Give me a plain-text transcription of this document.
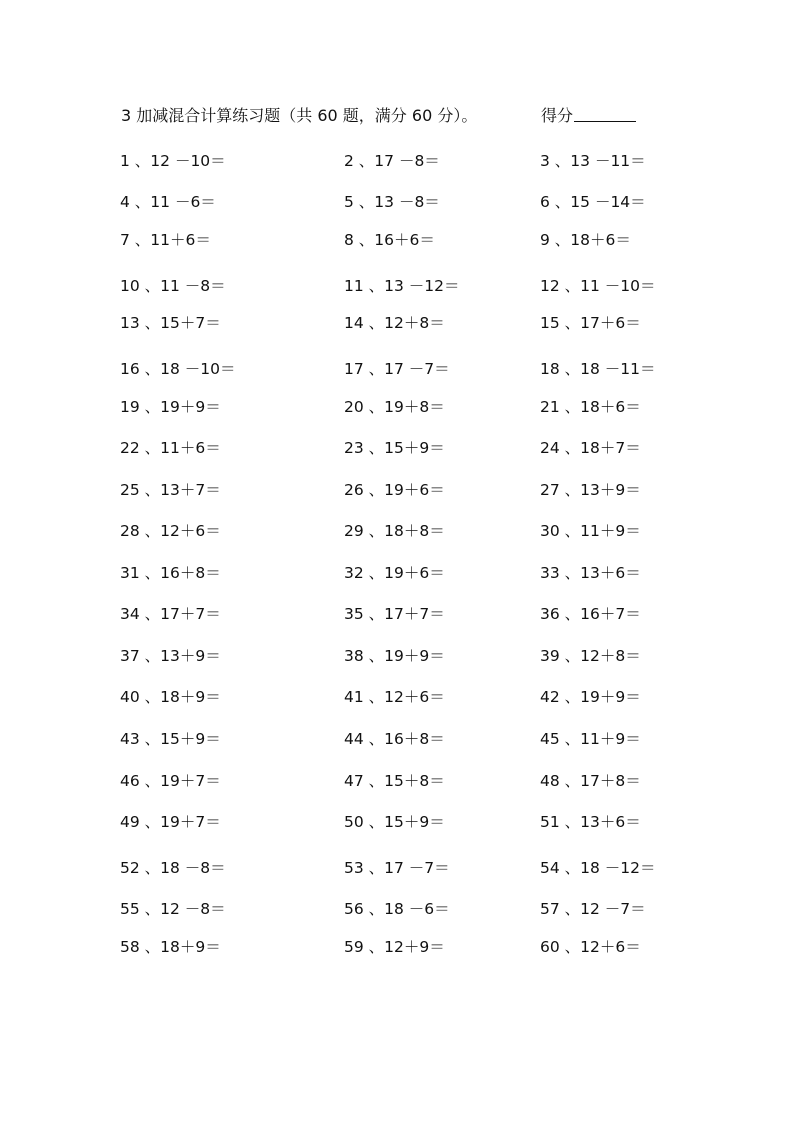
3 加减混合计算练习题（共 60 题，满分 60 分）。	得分
1 、12 －10＝	2 、17 －8＝	3 、13 －11＝
4 、11 －6＝	5 、13 －8＝	6 、15 －14＝
7 、11＋6＝	8 、16＋6＝	9 、18＋6＝
10 、11 －8＝	11 、13 －12＝	12 、11 －10＝
13 、15＋7＝	14 、12＋8＝	15 、17＋6＝
16 、18 －10＝	17 、17 －7＝	18 、18 －11＝
19 、19＋9＝	20 、19＋8＝	21 、18＋6＝
22 、11＋6＝	23 、15＋9＝	24 、18＋7＝
25 、13＋7＝	26 、19＋6＝	27 、13＋9＝
28 、12＋6＝	29 、18＋8＝	30 、11＋9＝
31 、16＋8＝	32 、19＋6＝	33 、13＋6＝
34 、17＋7＝	35 、17＋7＝	36 、16＋7＝
37 、13＋9＝	38 、19＋9＝	39 、12＋8＝
40 、18＋9＝	41 、12＋6＝	42 、19＋9＝
43 、15＋9＝	44 、16＋8＝	45 、11＋9＝
46 、19＋7＝	47 、15＋8＝	48 、17＋8＝
49 、19＋7＝	50 、15＋9＝	51 、13＋6＝
52 、18 －8＝	53 、17 －7＝	54 、18 －12＝
55 、12 －8＝	56 、18 －6＝	57 、12 －7＝
58 、18＋9＝	59 、12＋9＝	60 、12＋6＝
